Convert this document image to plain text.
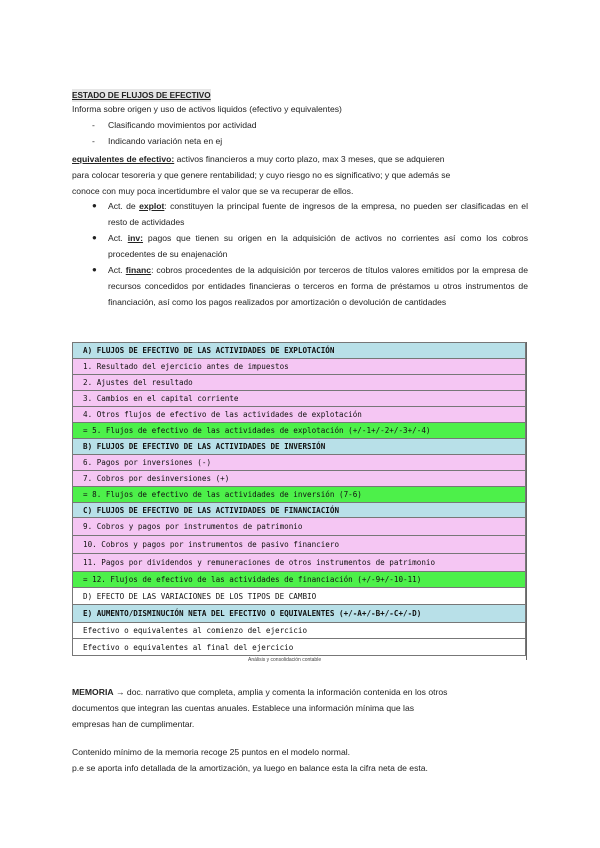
ESTADO DE FLUJOS DE EFECTIVO
Informa sobre origen y uso de activos liquidos (efectivo y equivalentes)
- Clasificando movimientos por actividad
- Indicando variación neta en ej
equivalentes de efectivo: activos financieros a muy corto plazo, max 3 meses, que se adquieren
para colocar tesoreria y que genere rentabilidad; y cuyo riesgo no es significativo; y que además se
conoce con muy poca incertidumbre el valor que se va recuperar de ellos.
● Act. de explot: constituyen la principal fuente de ingresos de la empresa, no pueden ser clasificadas en el resto de actividades
● Act. inv: pagos que tienen su origen en la adquisición de activos no corrientes así como los cobros procedentes de su enajenación
● Act. financ: cobros procedentes de la adquisición por terceros de títulos valores emitidos por la empresa de recursos concedidos por entidades financieras o terceros en forma de préstamos u otros instrumentos de financiación, así como los pagos realizados por amortización o devolución de cantidades
A) FLUJOS DE EFECTIVO DE LAS ACTIVIDADES DE EXPLOTACIÓN
1. Resultado del ejercicio antes de impuestos
2. Ajustes del resultado
3. Cambios en el capital corriente
4. Otros flujos de efectivo de las actividades de explotación
= 5. Flujos de efectivo de las actividades de explotación (+/-1+/-2+/-3+/-4)
B) FLUJOS DE EFECTIVO DE LAS ACTIVIDADES DE INVERSIÓN
6. Pagos por inversiones (-)
7. Cobros por desinversiones (+)
= 8. Flujos de efectivo de las actividades de inversión (7-6)
C) FLUJOS DE EFECTIVO DE LAS ACTIVIDADES DE FINANCIACIÓN
9. Cobros y pagos por instrumentos de patrimonio
10. Cobros y pagos por instrumentos de pasivo financiero
11. Pagos por dividendos y remuneraciones de otros instrumentos de patrimonio
= 12. Flujos de efectivo de las actividades de financiación (+/-9+/-10-11)
D) EFECTO DE LAS VARIACIONES DE LOS TIPOS DE CAMBIO
E) AUMENTO/DISMINUCIÓN NETA DEL EFECTIVO O EQUIVALENTES (+/-A+/-B+/-C+/-D)
Efectivo o equivalentes al comienzo del ejercicio
Efectivo o equivalentes al final del ejercicio
Análisis y consolidación contable
MEMORIA → doc. narrativo que completa, amplia y comenta la información contenida en los otros
documentos que integran las cuentas anuales. Establece una información mínima que las
empresas han de cumplimentar.
Contenido mínimo de la memoria recoge 25 puntos en el modelo normal.
p.e se aporta info detallada de la amortización, ya luego en balance esta la cifra neta de esta.
